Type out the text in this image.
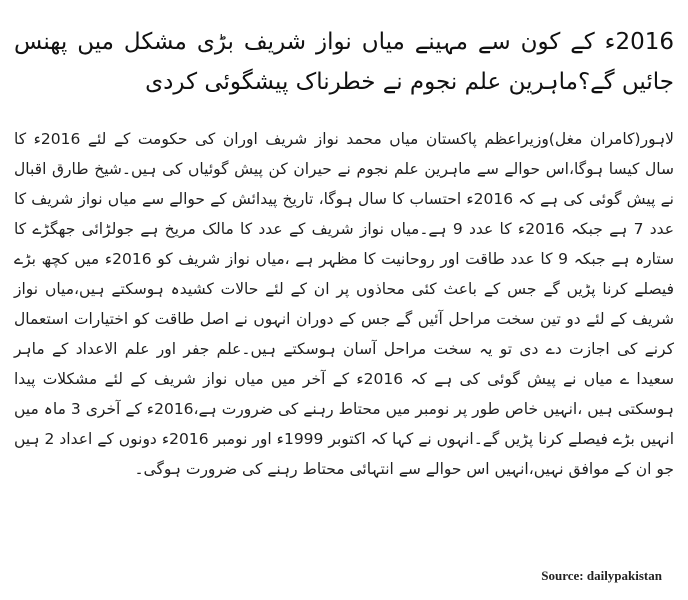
2016ء کے کون سے مہینے میاں نواز شریف بڑی مشکل میں پھنس جائیں گے؟ماہرین علم نجوم نے خطرناک پیشگوئی کردی

لاہور(کامران مغل)وزیراعظم پاکستان میاں محمد نواز شریف اوران کی حکومت کے لئے 2016ء کا سال کیسا ہوگا،اس حوالے سے ماہرین علم نجوم نے حیران کن پیش گوئیاں کی ہیں۔شیخ طارق اقبال نے پیش گوئی کی ہے کہ 2016ء احتساب کا سال ہوگا، تاریخ پیدائش کے حوالے سے میاں نواز شریف کا عدد 7 ہے جبکہ 2016ء کا عدد 9 ہے۔میاں نواز شریف کے عدد کا مالک مریخ ہے جولڑائی جھگڑے کا ستارہ ہے جبکہ 9 کا عدد طاقت اور روحانیت کا مظہر ہے ،میاں نواز شریف کو 2016ء میں کچھ بڑے فیصلے کرنا پڑیں گے جس کے باعث کئی محاذوں پر ان کے لئے حالات کشیدہ ہوسکتے ہیں،میاں نواز شریف کے لئے دو تین سخت مراحل آئیں گے جس کے دوران انہوں نے اصل طاقت کو اختیارات استعمال کرنے کی اجازت دے دی تو یہ سخت مراحل آسان ہوسکتے ہیں۔علم جفر اور علم الاعداد کے ماہر سعیدا ے میاں نے پیش گوئی کی ہے کہ 2016ء کے آخر میں میاں نواز شریف کے لئے مشکلات پیدا ہوسکتی ہیں ،انہیں خاص طور پر نومبر میں محتاط رہنے کی ضرورت ہے،2016ء کے آخری 3 ماہ میں انہیں بڑے فیصلے کرنا پڑیں گے۔انہوں نے کہا کہ اکتوبر 1999ء اور نومبر 2016ء دونوں کے اعداد 2 ہیں جو ان کے موافق نہیں،انہیں اس حوالے سے انتہائی محتاط رہنے کی ضرورت ہوگی۔

Source: dailypakistan
